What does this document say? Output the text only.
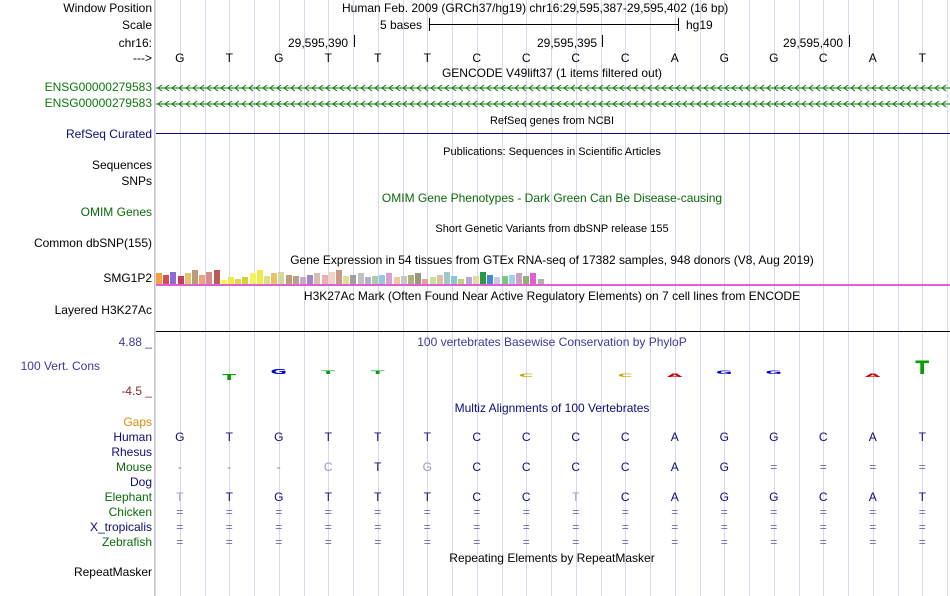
Window Position	Human Feb. 2009 (GRCh37/hg19) chr16:29,595,387-29,595,402 (16 bp)
Scale	5 bases	hg19
chr16:	29,595,390	29,595,395	29,595,400
--->	G	T	G	T	T	T	C	C	C	C	A	G	G	C	A	T
GENCODE V49lift37 (1 items filtered out)
ENSG00000279583
ENSG00000279583
RefSeq genes from NCBI
RefSeq Curated
Publications: Sequences in Scientific Articles
Sequences
SNPs
OMIM Gene Phenotypes - Dark Green Can Be Disease-causing
OMIM Genes
Short Genetic Variants from dbSNP release 155
Common dbSNP(155)
Gene Expression in 54 tissues from GTEx RNA-seq of 17382 samples, 948 donors (V8, Aug 2019)
SMG1P2
H3K27Ac Mark (Often Found Near Active Regulatory Elements) on 7 cell lines from ENCODE
Layered H3K27Ac
100 vertebrates Basewise Conservation by PhyloP
4.88 _
100 Vert. Cons
-4.5 _
T
G T T
C	C A
G G
A T
Multiz Alignments of 100 Vertebrates
Gaps
Human	G	T	G	T	T	T	C	C	C	C	A	G	G	C	A	T
Rhesus
Mouse	-	-	-	C	T	G	C	C	C	C	A	G	=	=	=	=
Dog
Elephant	T	T	G	T	T	T	C	C	T	C	A	G	G	C	A	T
Chicken	=	=	=	=	=	=	=	=	=	=	=	=	=	=	=	=
X_tropicalis	=	=	=	=	=	=	=	=	=	=	=	=	=	=	=	=
Zebrafish	=	=	=	=	=	=	=	=	=	=	=	=	=	=	=	=
Repeating Elements by RepeatMasker
RepeatMasker
